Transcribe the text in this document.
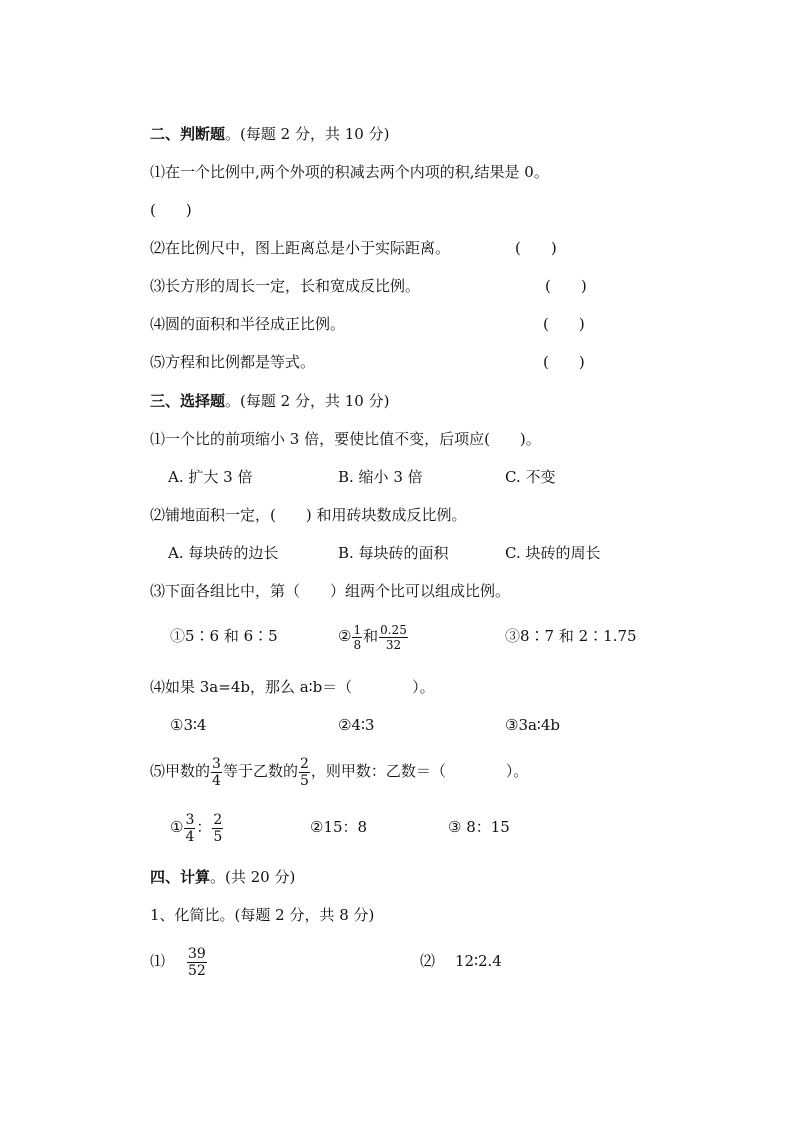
二、判断题。(每题 2 分，共 10 分)
⑴在一个比例中,两个外项的积减去两个内项的积,结果是 0。
(　　)
⑵在比例尺中，图上距离总是小于实际距离。	(　　)
⑶长方形的周长一定，长和宽成反比例。	(　　)
⑷圆的面积和半径成正比例。	(　　)
⑸方程和比例都是等式。	(　　)
三、选择题。(每题 2 分，共 10 分)
⑴一个比的前项缩小 3 倍，要使比值不变，后项应(　　)。
A. 扩大 3 倍	B. 缩小 3 倍	C. 不变
⑵铺地面积一定，(　　) 和用砖块数成反比例。
A. 每块砖的边长	B. 每块砖的面积	C. 块砖的周长
⑶下面各组比中，第（　　）组两个比可以组成比例。
①5∶6 和 6∶5	② $\frac{1}{8}$ 和 $\frac{0.25}{32}$	③8∶7 和 2∶1.75
⑷如果 3a=4b，那么 a∶b＝（　　　　）。
①3∶4	②4∶3	③3a∶4b
⑸甲数的 $\frac{3}{4}$ 等于乙数的 $\frac{2}{5}$ ，则甲数：乙数＝（　　　　）。
① $\frac{3}{4}$ ： $\frac{2}{5}$	②15：8	③ 8：15
四、计算。(共 20 分)
1、化简比。(每题 2 分，共 8 分)
⑴ $\frac{39}{52}$	⑵ 12∶2.4
